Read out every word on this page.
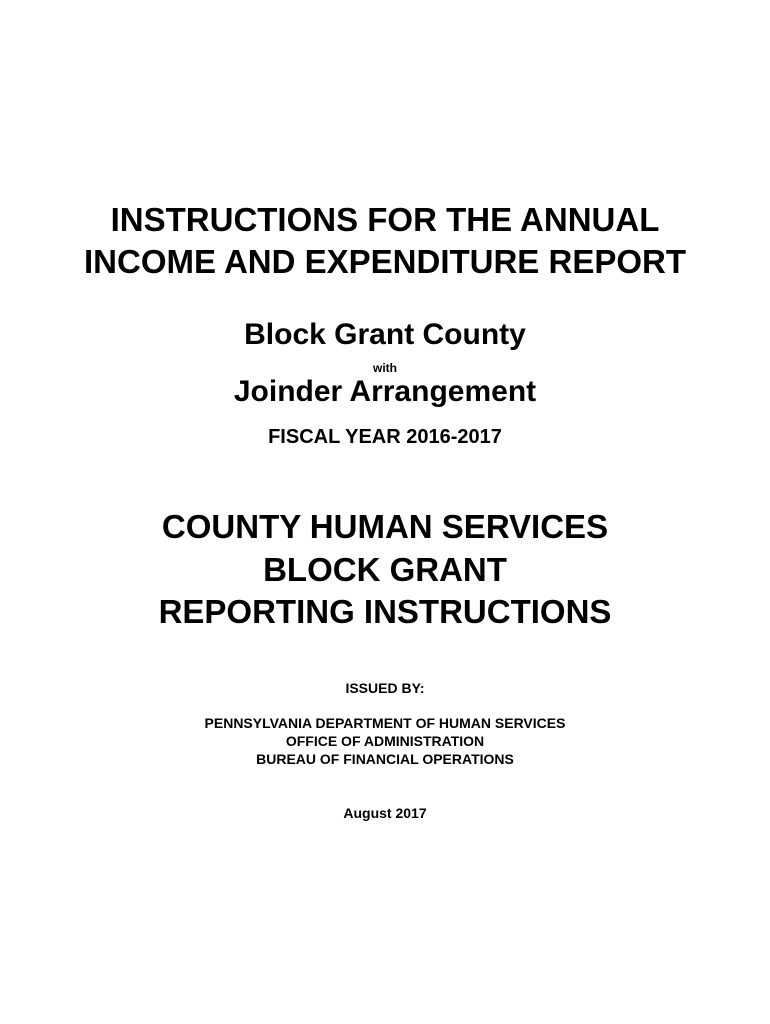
INSTRUCTIONS FOR THE ANNUAL
INCOME AND EXPENDITURE REPORT
Block Grant County
with
Joinder Arrangement
FISCAL YEAR 2016-2017
COUNTY HUMAN SERVICES
BLOCK GRANT
REPORTING INSTRUCTIONS
ISSUED BY:
PENNSYLVANIA DEPARTMENT OF HUMAN SERVICES
OFFICE OF ADMINISTRATION
BUREAU OF FINANCIAL OPERATIONS
August 2017
